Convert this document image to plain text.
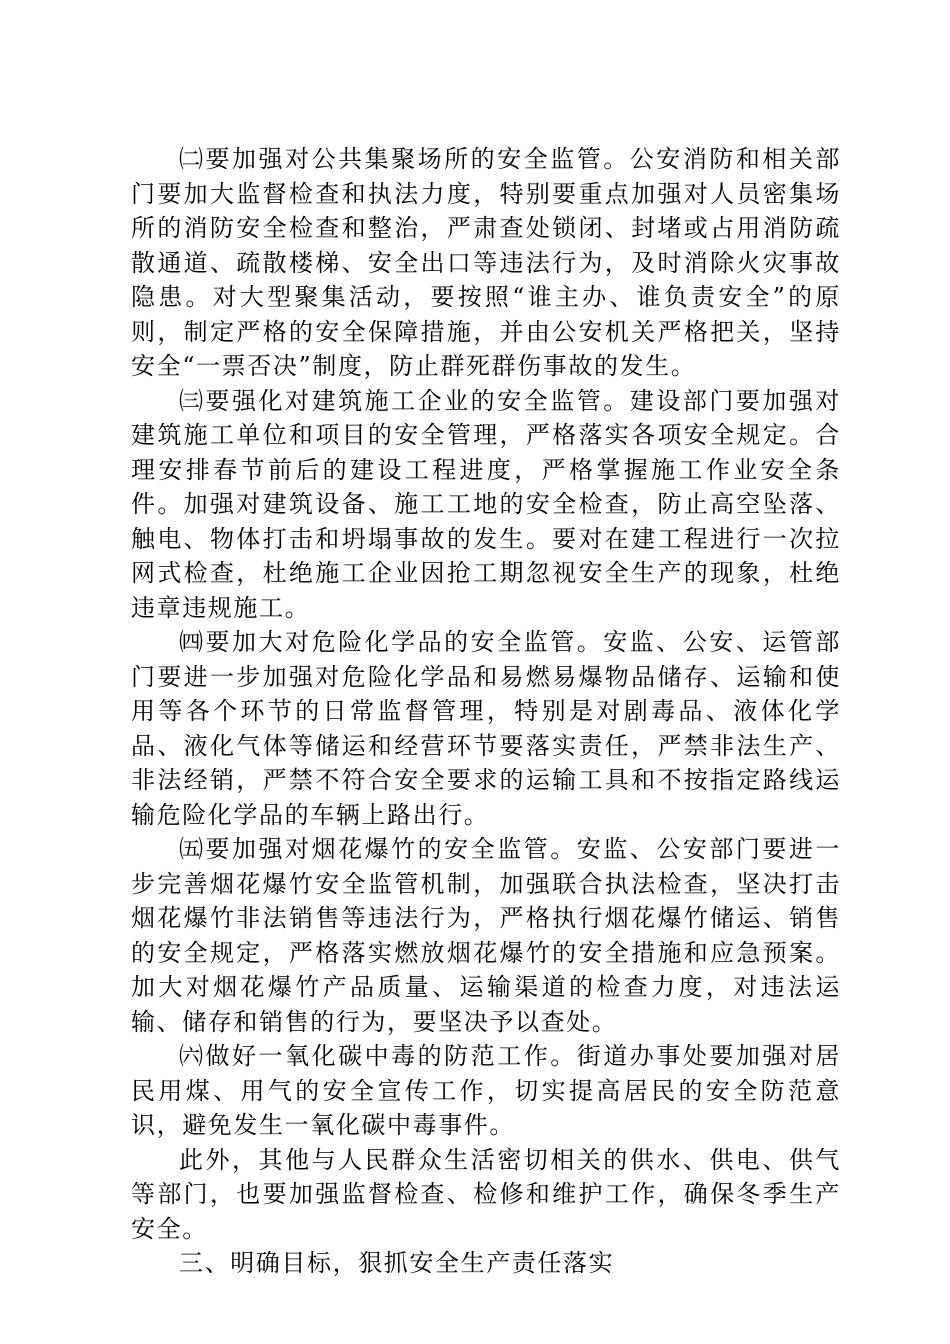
㈡要加强对公共集聚场所的安全监管。公安消防和相关部门要加大监督检查和执法力度，特别要重点加强对人员密集场所的消防安全检查和整治，严肃查处锁闭、封堵或占用消防疏散通道、疏散楼梯、安全出口等违法行为，及时消除火灾事故隐患。对大型聚集活动，要按照“谁主办、谁负责安全”的原则，制定严格的安全保障措施，并由公安机关严格把关，坚持安全“一票否决”制度，防止群死群伤事故的发生。

㈢要强化对建筑施工企业的安全监管。建设部门要加强对建筑施工单位和项目的安全管理，严格落实各项安全规定。合理安排春节前后的建设工程进度，严格掌握施工作业安全条件。加强对建筑设备、施工工地的安全检查，防止高空坠落、触电、物体打击和坍塌事故的发生。要对在建工程进行一次拉网式检查，杜绝施工企业因抢工期忽视安全生产的现象，杜绝违章违规施工。

㈣要加大对危险化学品的安全监管。安监、公安、运管部门要进一步加强对危险化学品和易燃易爆物品储存、运输和使用等各个环节的日常监督管理，特别是对剧毒品、液体化学品、液化气体等储运和经营环节要落实责任，严禁非法生产、非法经销，严禁不符合安全要求的运输工具和不按指定路线运输危险化学品的车辆上路出行。

㈤要加强对烟花爆竹的安全监管。安监、公安部门要进一步完善烟花爆竹安全监管机制，加强联合执法检查，坚决打击烟花爆竹非法销售等违法行为，严格执行烟花爆竹储运、销售的安全规定，严格落实燃放烟花爆竹的安全措施和应急预案。加大对烟花爆竹产品质量、运输渠道的检查力度，对违法运输、储存和销售的行为，要坚决予以查处。

㈥做好一氧化碳中毒的防范工作。街道办事处要加强对居民用煤、用气的安全宣传工作，切实提高居民的安全防范意识，避免发生一氧化碳中毒事件。

此外，其他与人民群众生活密切相关的供水、供电、供气等部门，也要加强监督检查、检修和维护工作，确保冬季生产安全。

三、明确目标，狠抓安全生产责任落实
